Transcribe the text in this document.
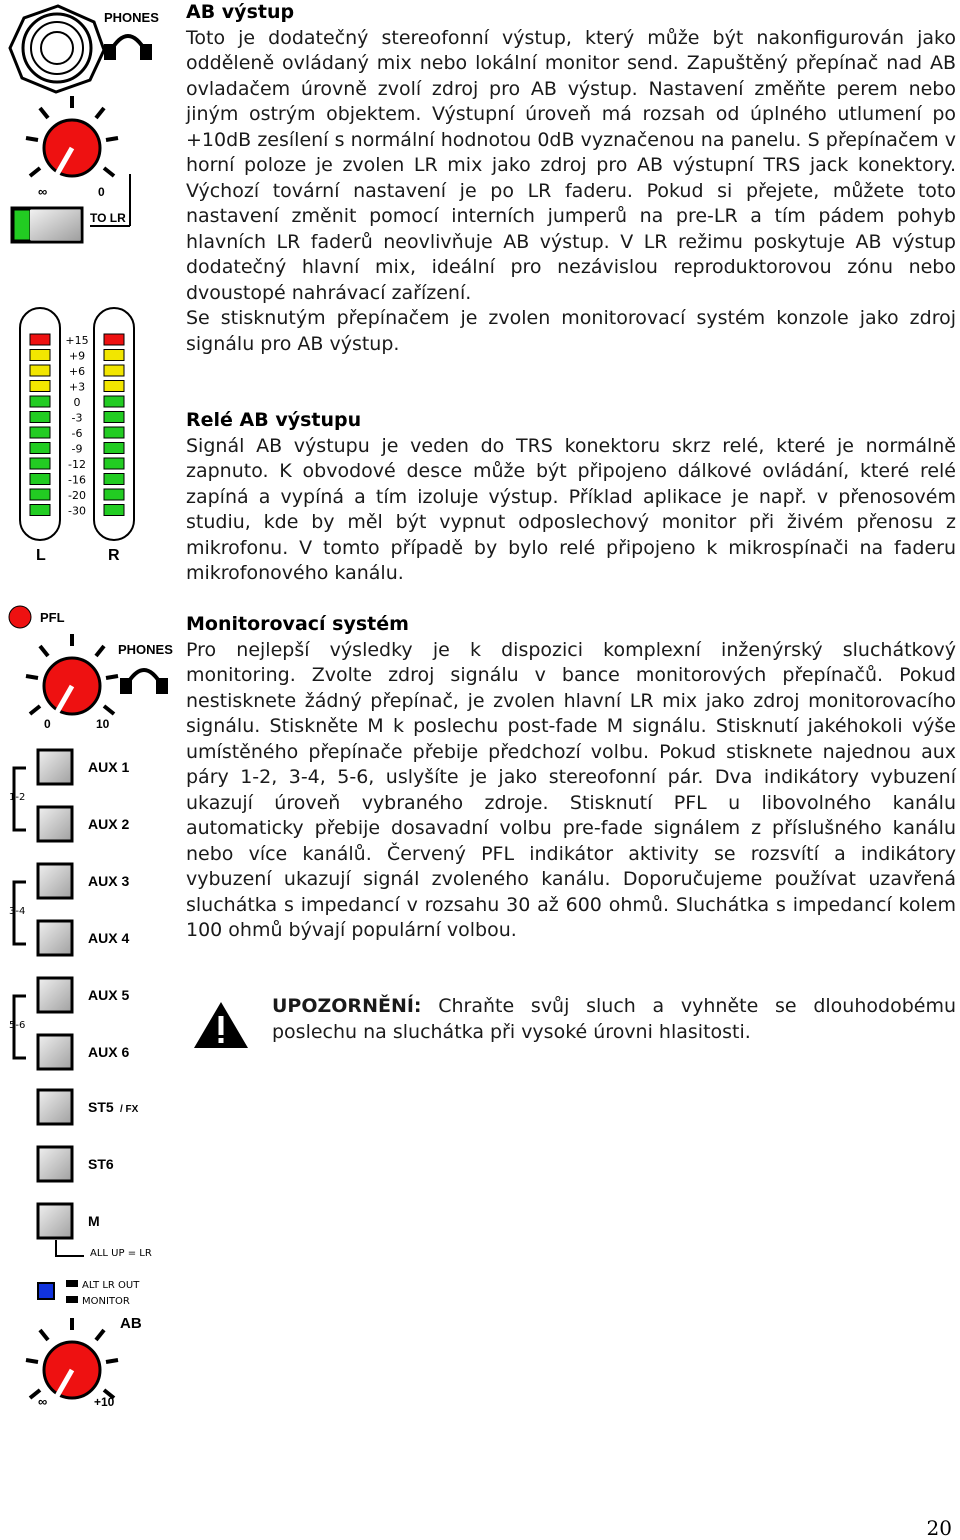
PHONES
∞	0
TO LR
+15
+9
+6
+3
0
-3
-6
-9
-12
-16
-20
-30
L	R
PFL
PHONES
0	10
AUX 1
AUX 2
AUX 3
AUX 4
AUX 5
AUX 6
1-2
3-4
5-6
ST5 / FX
ST6
M
ALL UP = LR
ALT LR OUT
MONITOR
AB
∞	+10

AB výstup

Toto je dodatečný stereofonní výstup, který může být nakonfigurován jako odděleně ovládaný mix nebo lokální monitor send. Zapuštěný přepínač nad AB ovladačem úrovně zvolí zdroj pro AB výstup. Nastavení změňte perem nebo jiným ostrým objektem. Výstupní úroveň má rozsah od úplného utlumení po +10dB zesílení s normální hodnotou 0dB vyznačenou na panelu. S přepínačem v horní poloze je zvolen LR mix jako zdroj pro AB výstupní TRS jack konektory. Výchozí tovární nastavení je po LR faderu. Pokud si přejete, můžete toto nastavení změnit pomocí interních jumperů na pre-LR a tím pádem pohyb hlavních LR faderů neovlivňuje AB výstup. V LR režimu poskytuje AB výstup dodatečný hlavní mix, ideální pro nezávislou reproduktorovou zónu nebo dvoustopé nahrávací zařízení.

Se stisknutým přepínačem je zvolen monitorovací systém konzole jako zdroj signálu pro AB výstup.

Relé AB výstupu

Signál AB výstupu je veden do TRS konektoru skrz relé, které je normálně zapnuto. K obvodové desce může být připojeno dálkové ovládání, které relé zapíná a vypíná a tím izoluje výstup. Příklad aplikace je např. v přenosovém studiu, kde by měl být vypnut odposlechový monitor při živém přenosu z mikrofonu. V tomto případě by bylo relé připojeno k mikrospínači na faderu mikrofonového kanálu.

Monitorovací systém

Pro nejlepší výsledky je k dispozici komplexní inženýrský sluchátkový monitoring. Zvolte zdroj signálu v bance monitorových přepínačů. Pokud nestisknete žádný přepínač, je zvolen hlavní LR mix jako zdroj monitorovacího signálu. Stiskněte M k poslechu post-fade M signálu. Stisknutí jakéhokoli výše umístěného přepínače přebije předchozí volbu. Pokud stisknete najednou aux páry 1-2, 3-4, 5-6, uslyšíte je jako stereofonní pár. Dva indikátory vybuzení ukazují úroveň vybraného zdroje. Stisknutí PFL u libovolného kanálu automaticky přebije dosavadní volbu pre-fade signálem z příslušného kanálu nebo více kanálů. Červený PFL indikátor aktivity se rozsvítí a indikátory vybuzení ukazují signál zvoleného kanálu. Doporučujeme používat uzavřená sluchátka s impedancí v rozsahu 30 až 600 ohmů. Sluchátka s impedancí kolem 100 ohmů bývají populární volbou.

UPOZORNĚNÍ: Chraňte svůj sluch a vyhněte se dlouhodobému poslechu na sluchátka při vysoké úrovni hlasitosti.
20
